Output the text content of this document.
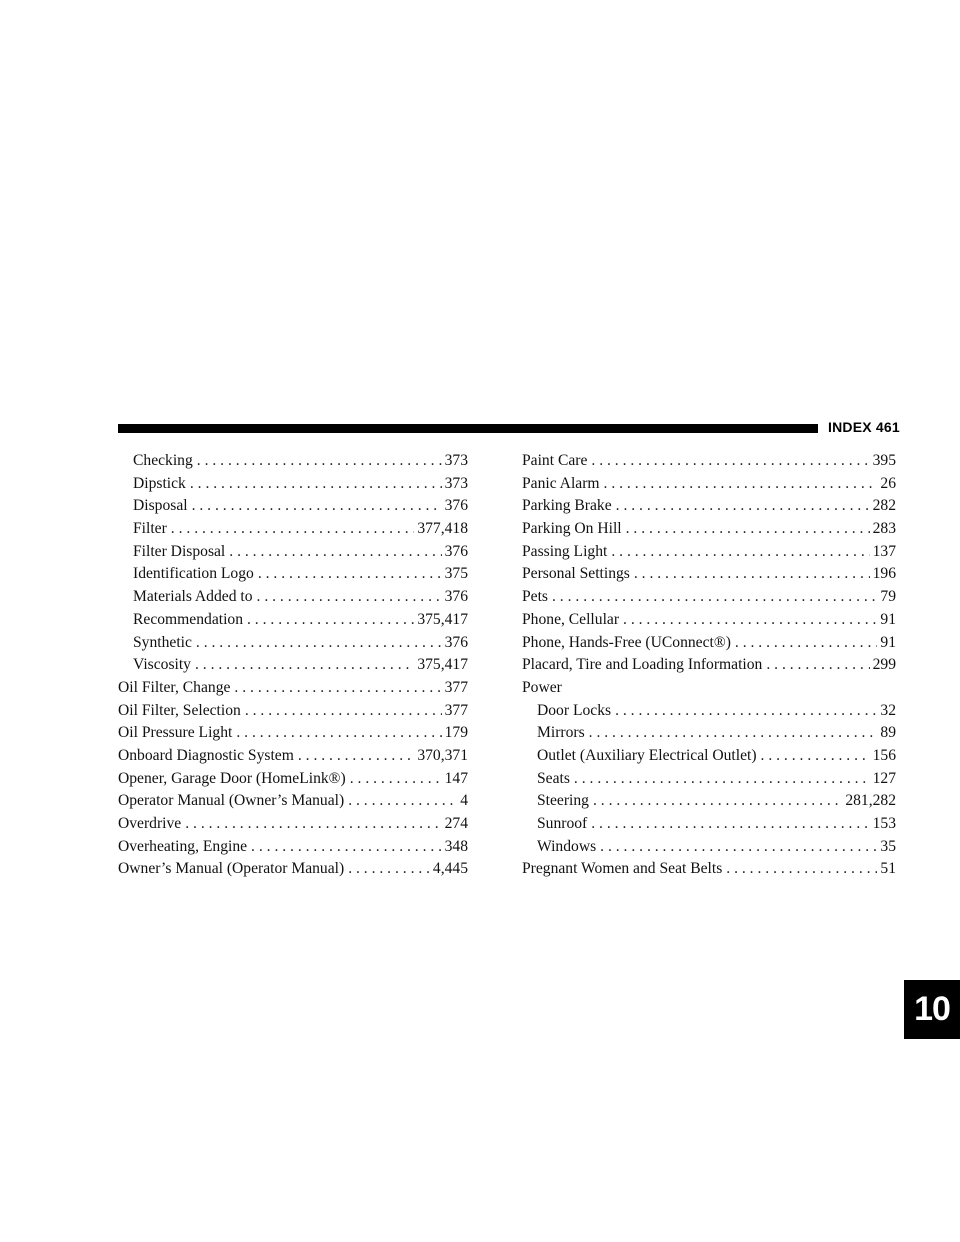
INDEX 461
Checking . . .	373
Dipstick . . .	373
Disposal . . .	376
Filter . . .	377,418
Filter Disposal . . .	376
Identification Logo . . .	375
Materials Added to . . .	376
Recommendation . . .	375,417
Synthetic . . .	376
Viscosity . . .	375,417
Oil Filter, Change . . .	377
Oil Filter, Selection . . .	377
Oil Pressure Light . . .	179
Onboard Diagnostic System . . .	370,371
Opener, Garage Door (HomeLink®) . . .	147
Operator Manual (Owner’s Manual) . . .	4
Overdrive . . .	274
Overheating, Engine . . .	348
Owner’s Manual (Operator Manual) . . .	4,445
Paint Care . . .	395
Panic Alarm . . .	26
Parking Brake . . .	282
Parking On Hill . . .	283
Passing Light . . .	137
Personal Settings . . .	196
Pets . . .	79
Phone, Cellular . . .	91
Phone, Hands-Free (UConnect®) . . .	91
Placard, Tire and Loading Information . . .	299
Power
Door Locks . . .	32
Mirrors . . .	89
Outlet (Auxiliary Electrical Outlet) . . .	156
Seats . . .	127
Steering . . .	281,282
Sunroof . . .	153
Windows . . .	35
Pregnant Women and Seat Belts . . .	51
10
